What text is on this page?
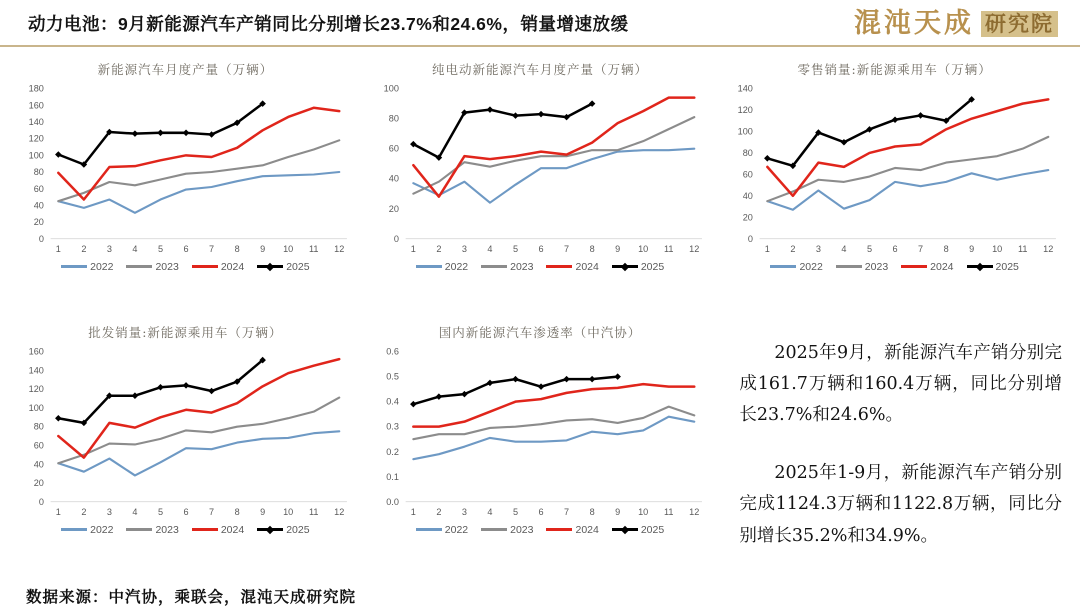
动力电池：9月新能源汽车产销同比分别增长23.7%和24.6%，销量增速放缓	混沌天成 研究院
新能源汽车月度产量（万辆）
0
20
40
60
80
100
120
140
160
180
1 2 3 4 5 6 7 8 9 10 11 12
2022	2023	2024	2025
纯电动新能源汽车月度产量（万辆）
0
20
40
60
80
100
1 2 3 4 5 6 7 8 9 10 11 12
2022	2023	2024	2025
零售销量:新能源乘用车（万辆）
0
20
40
60
80
100
120
140
1 2 3 4 5 6 7 8 9 10 11 12
2022	2023	2024	2025
批发销量:新能源乘用车（万辆）
0
20
40
60
80
100
120
140
160
1 2 3 4 5 6 7 8 9 10 11 12
2022	2023	2024	2025
国内新能源汽车渗透率（中汽协）
0.0
0.1
0.2
0.3
0.4
0.5
0.6
1 2 3 4 5 6 7 8 9 10 11 12
2022	2023	2024	2025

2025年9月，新能源汽车产销分别完成161.7万辆和160.4万辆，同比分别增长23.7%和24.6%。

2025年1-9月，新能源汽车产销分别完成1124.3万辆和1122.8万辆，同比分别增长35.2%和34.9%。

数据来源：中汽协，乘联会，混沌天成研究院
